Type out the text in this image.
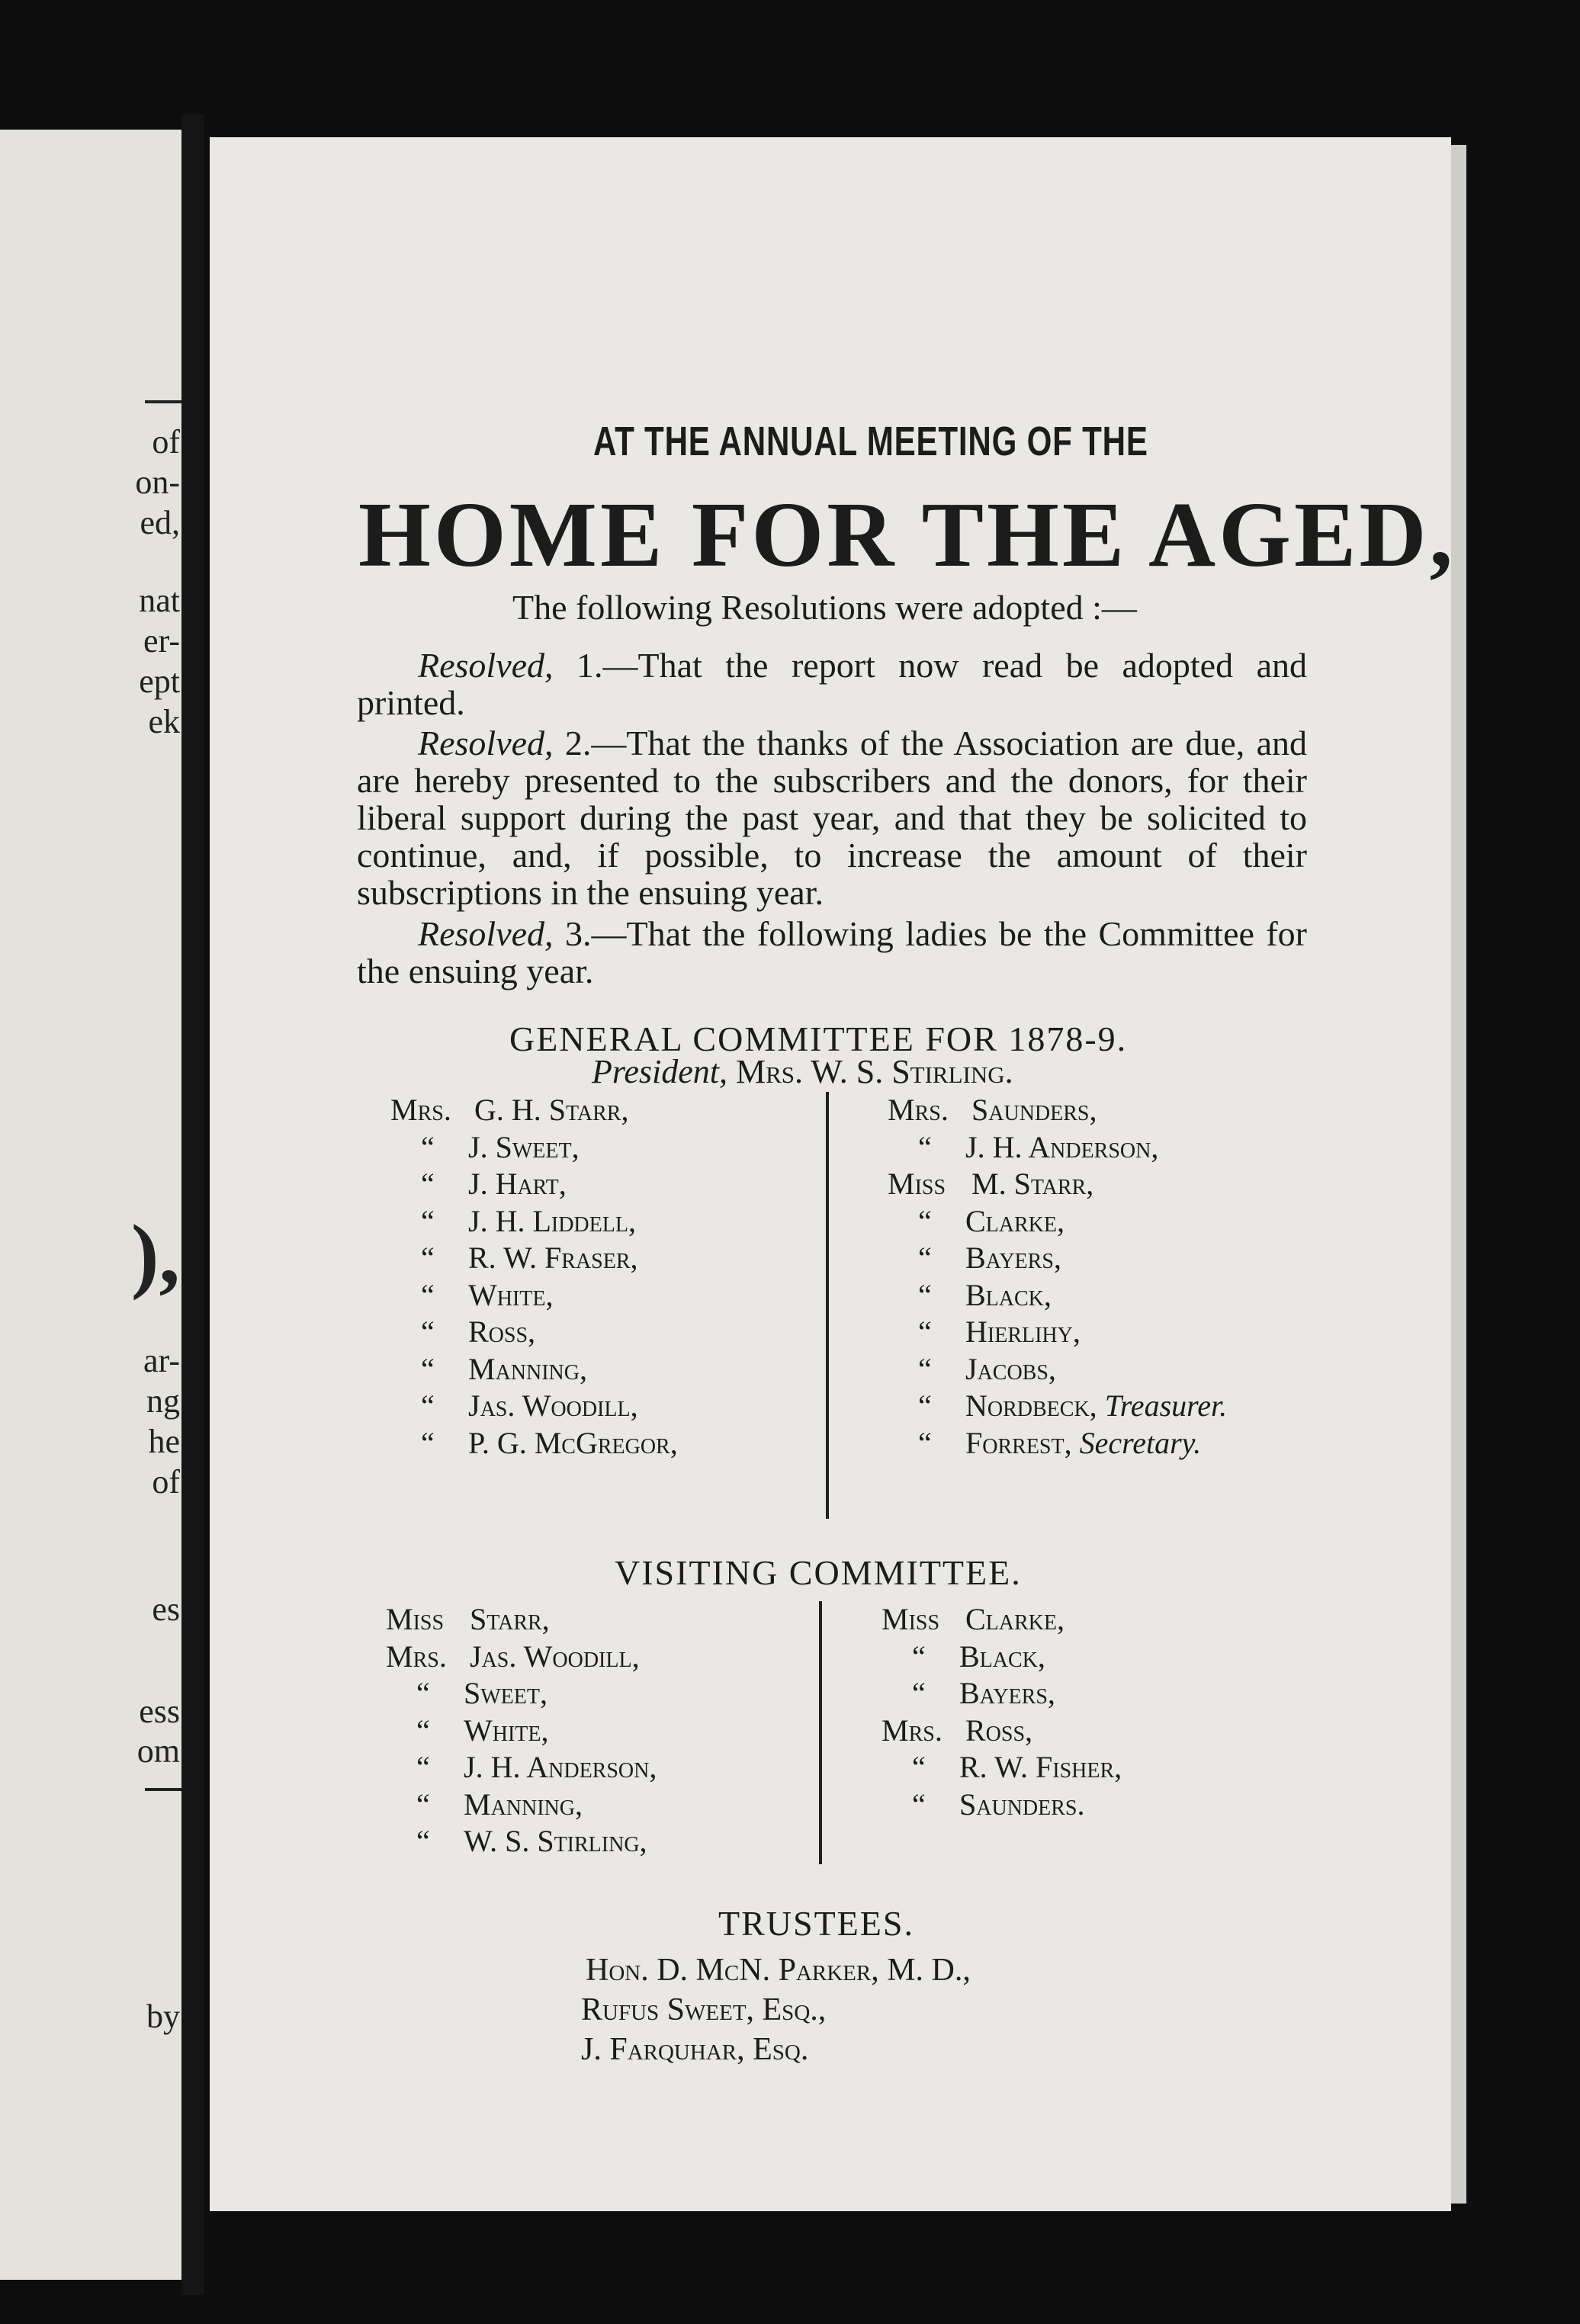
of
on-
ed,
nat
er-
ept
ek
),
ar-
ng
he
of
es
ess
om
by
AT THE ANNUAL MEETING OF THE
HOME FOR THE AGED,
The following Resolutions were adopted :—
Resolved, 1.—That the report now read be adopted and printed.
Resolved, 2.—That the thanks of the Association are due, and are hereby presented to the subscribers and the donors, for their liberal support during the past year, and that they be solicited to continue, and, if possible, to increase the amount of their subscriptions in the ensuing year.
Resolved, 3.—That the following ladies be the Committee for the ensuing year.
GENERAL COMMITTEE FOR 1878-9.
President, Mrs. W. S. Stirling.
Mrs. G. H. Starr,
“ J. Sweet,
“ J. Hart,
“ J. H. Liddell,
“ R. W. Fraser,
“ White,
“ Ross,
“ Manning,
“ Jas. Woodill,
“ P. G. McGregor,
Mrs. Saunders,
“ J. H. Anderson,
Miss M. Starr,
“ Clarke,
“ Bayers,
“ Black,
“ Hierlihy,
“ Jacobs,
“ Nordbeck, Treasurer.
“ Forrest, Secretary.
VISITING COMMITTEE.
Miss Starr,
Mrs. Jas. Woodill,
“ Sweet,
“ White,
“ J. H. Anderson,
“ Manning,
“ W. S. Stirling,
Miss Clarke,
“ Black,
“ Bayers,
Mrs. Ross,
“ R. W. Fisher,
“ Saunders.
TRUSTEES.
Hon. D. McN. Parker, M. D.,
Rufus Sweet, Esq.,
J. Farquhar, Esq.
